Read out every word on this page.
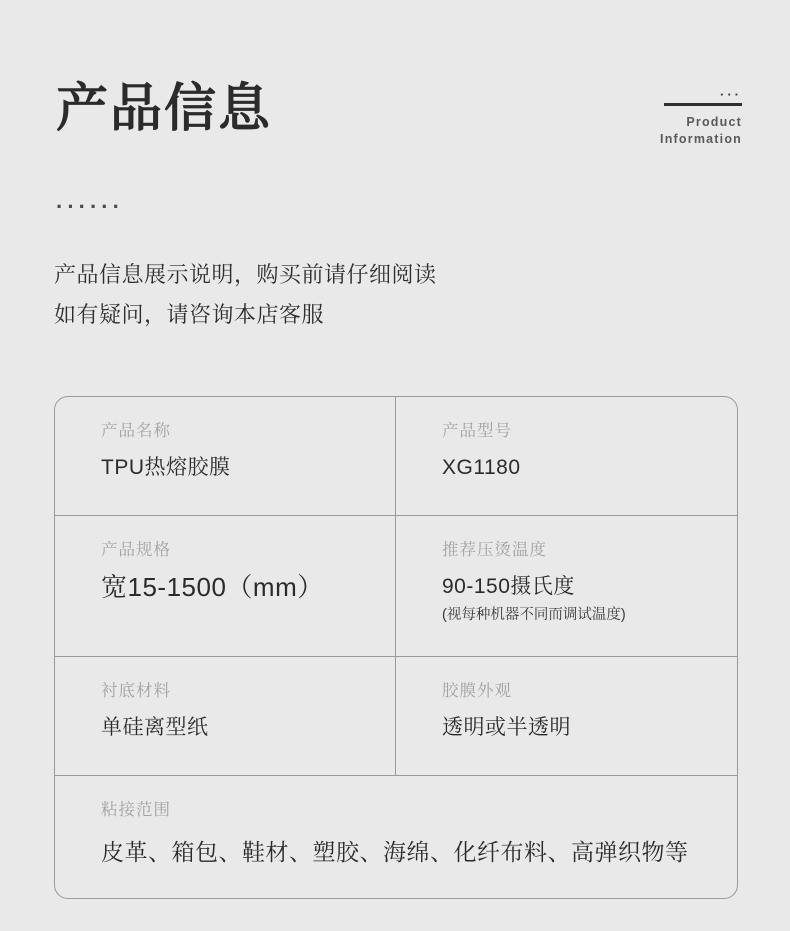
产品信息	···
Product
Information
······
产品信息展示说明，购买前请仔细阅读
如有疑问，请咨询本店客服
产品名称
TPU热熔胶膜
产品型号
XG1180
产品规格
宽15-1500（mm）
推荐压烫温度
90-150摄氏度
(视每种机器不同而调试温度)
衬底材料
单硅离型纸
胶膜外观
透明或半透明
粘接范围
皮革、箱包、鞋材、塑胶、海绵、化纤布料、高弹织物等
